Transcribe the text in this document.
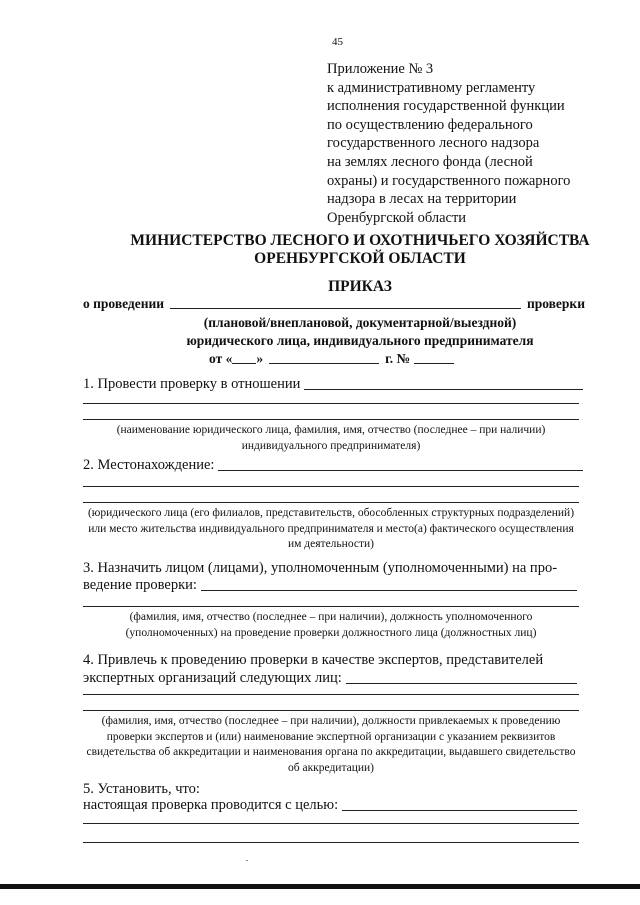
45
Приложение № 3
к административному регламенту
исполнения государственной функции
по осуществлению федерального
государственного лесного надзора
на землях лесного фонда (лесной
охраны) и государственного пожарного
надзора в лесах на территории
Оренбургской области
МИНИСТЕРСТВО ЛЕСНОГО И ОХОТНИЧЬЕГО ХОЗЯЙСТВА
ОРЕНБУРГСКОЙ ОБЛАСТИ
ПРИКАЗ
о проведении	проверки
(плановой/внеплановой, документарной/выездной)
юридического лица, индивидуального предпринимателя
от « »	г. №
1. Провести проверку в отношении
(наименование юридического лица, фамилия, имя, отчество (последнее – при наличии) индивидуального предпринимателя)
2. Местонахождение:
(юридического лица (его филиалов, представительств, обособленных структурных подразделений) или место жительства индивидуального предпринимателя и место(а) фактического осуществления им деятельности)
3. Назначить лицом (лицами), уполномоченным (уполномоченными) на про-
ведение проверки:
(фамилия, имя, отчество (последнее – при наличии), должность уполномоченного (уполномоченных) на проведение проверки должностного лица (должностных лиц)
4. Привлечь к проведению проверки в качестве экспертов, представителей
экспертных организаций следующих лиц:
(фамилия, имя, отчество (последнее – при наличии), должности привлекаемых к проведению проверки экспертов и (или) наименование экспертной организации с указанием реквизитов свидетельства об аккредитации и наименования органа по аккредитации, выдавшего свидетельство об аккредитации)
5. Установить, что:
настоящая проверка проводится с целью:
